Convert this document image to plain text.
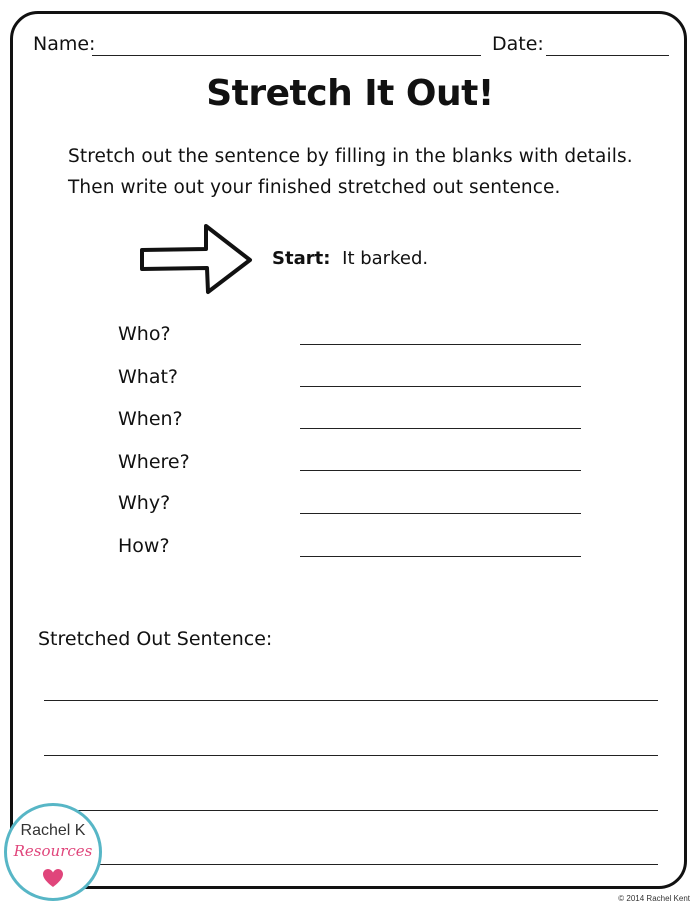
Name:	Date:
Stretch It Out!
Stretch out the sentence by filling in the blanks with details.
Then write out your finished stretched out sentence.
Start: It barked.
Who?
What?
When?
Where?
Why?
How?
Stretched Out Sentence:
Rachel K
Resources
© 2014 Rachel Kent
